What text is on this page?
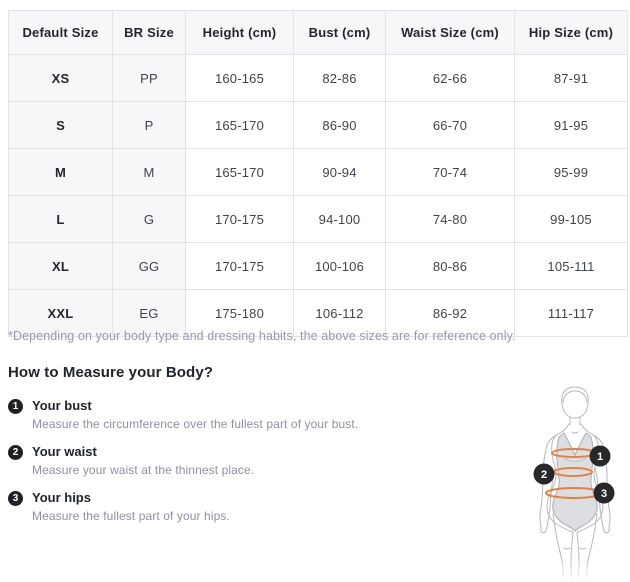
Default Size	BR Size	Height (cm)	Bust (cm)	Waist Size (cm)	Hip Size (cm)
XS	PP	160-165	82-86	62-66	87-91
S	P	165-170	86-90	66-70	91-95
M	M	165-170	90-94	70-74	95-99
L	G	170-175	94-100	74-80	99-105
XL	GG	170-175	100-106	80-86	105-111
XXL	EG	175-180	106-112	86-92	111-117

*Depending on your body type and dressing habits, the above sizes are for reference only.

How to Measure your Body?
1	Your bust
Measure the circumference over the fullest part of your bust.
2	Your waist
Measure your waist at the thinnest place.
3	Your hips
Measure the fullest part of your hips.
1
2
3
